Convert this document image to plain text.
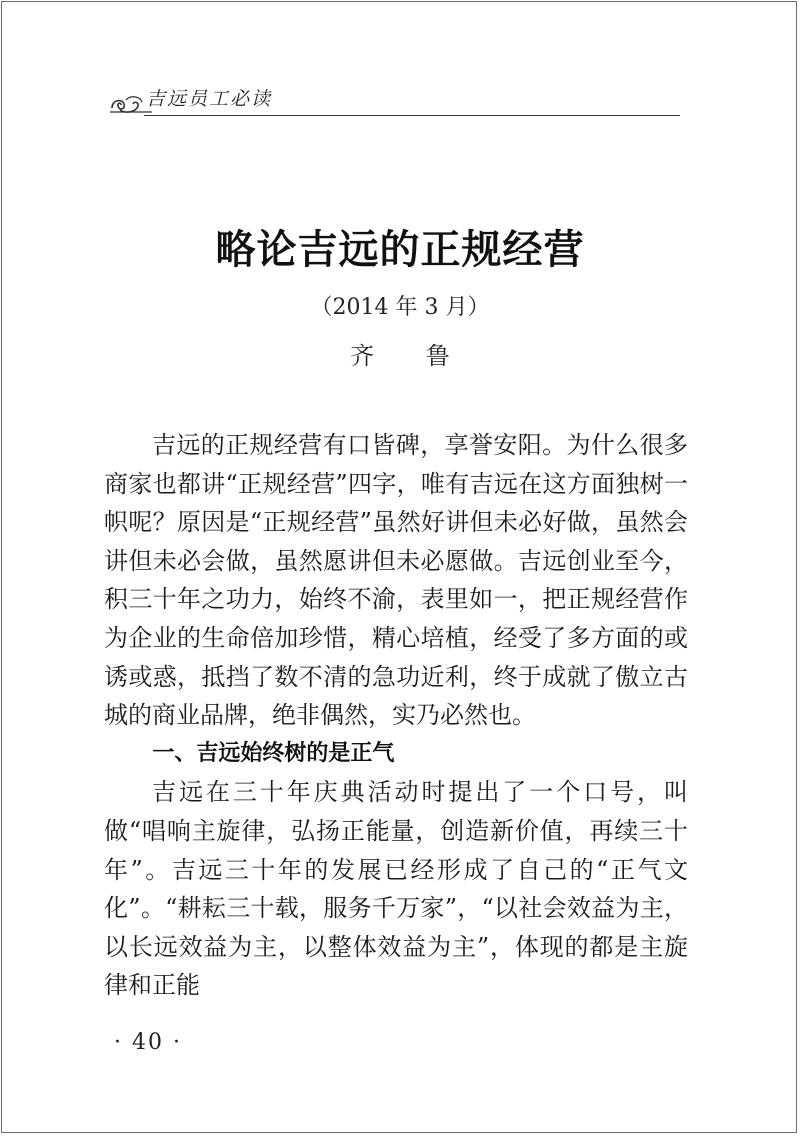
吉远员工必读
略论吉远的正规经营
（2014 年 3 月）
齐 鲁

吉远的正规经营有口皆碑，享誉安阳。为什么很多商家也都讲“正规经营”四字，唯有吉远在这方面独树一帜呢？原因是“正规经营”虽然好讲但未必好做，虽然会讲但未必会做，虽然愿讲但未必愿做。吉远创业至今，积三十年之功力，始终不渝，表里如一，把正规经营作为企业的生命倍加珍惜，精心培植，经受了多方面的或诱或惑，抵挡了数不清的急功近利，终于成就了傲立古城的商业品牌，绝非偶然，实乃必然也。

一、吉远始终树的是正气

吉远在三十年庆典活动时提出了一个口号，叫做“唱响主旋律，弘扬正能量，创造新价值，再续三十年”。吉远三十年的发展已经形成了自己的“正气文化”。“耕耘三十载，服务千万家”，“以社会效益为主，以长远效益为主，以整体效益为主”，体现的都是主旋律和正能

· 40 ·
